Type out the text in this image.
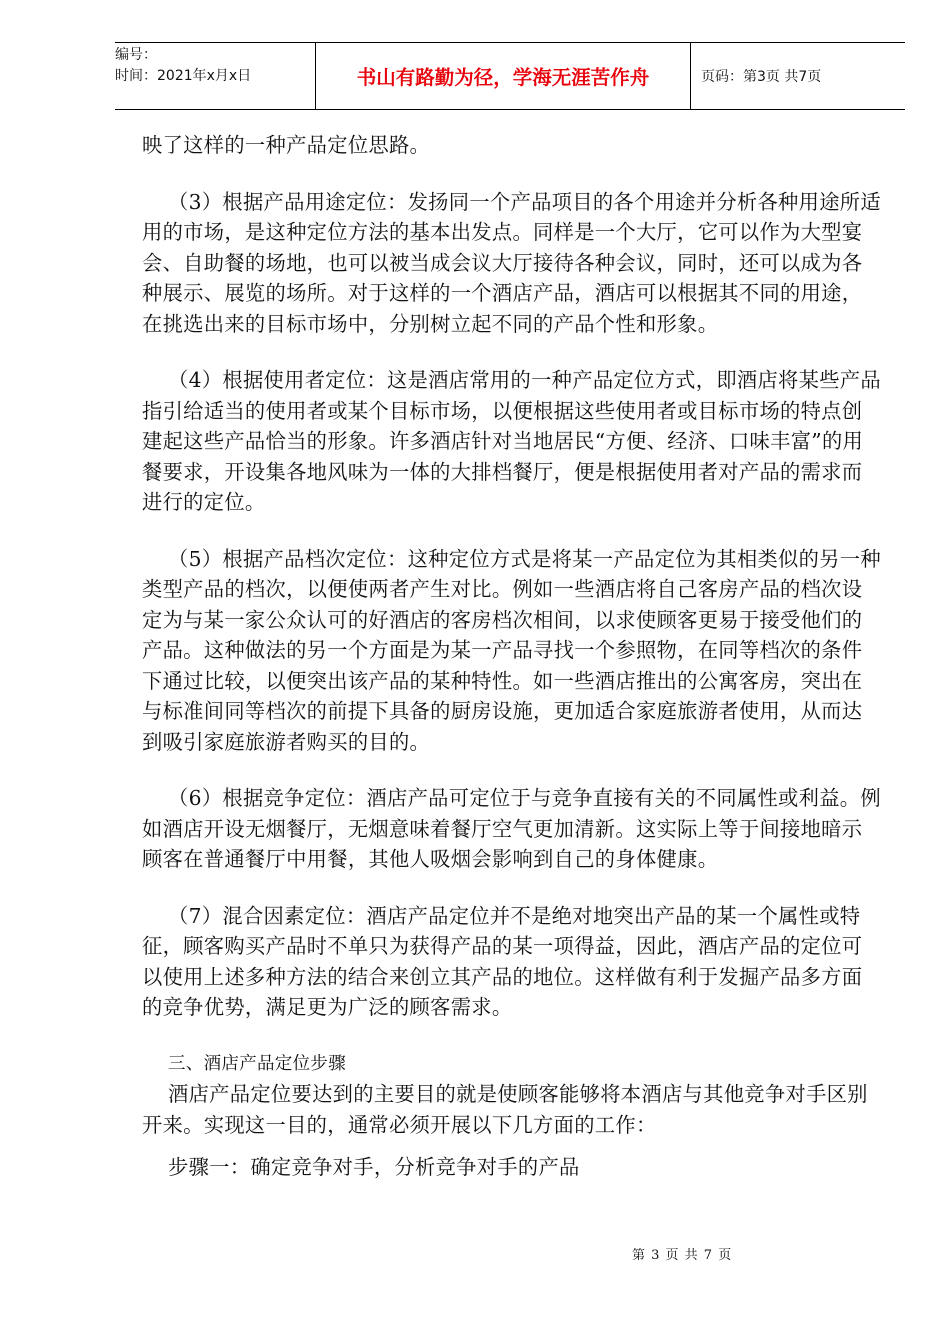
编号：
时间：2021年x月x日	书山有路勤为径，学海无涯苦作舟	页码：第3页 共7页

映了这样的一种产品定位思路。

（3）根据产品用途定位：发扬同一个产品项目的各个用途并分析各种用途所适用的市场，是这种定位方法的基本出发点。同样是一个大厅，它可以作为大型宴会、自助餐的场地，也可以被当成会议大厅接待各种会议，同时，还可以成为各种展示、展览的场所。对于这样的一个酒店产品，酒店可以根据其不同的用途，在挑选出来的目标市场中，分别树立起不同的产品个性和形象。

（4）根据使用者定位：这是酒店常用的一种产品定位方式，即酒店将某些产品指引给适当的使用者或某个目标市场，以便根据这些使用者或目标市场的特点创建起这些产品恰当的形象。许多酒店针对当地居民“方便、经济、口味丰富”的用餐要求，开设集各地风味为一体的大排档餐厅，便是根据使用者对产品的需求而进行的定位。

（5）根据产品档次定位：这种定位方式是将某一产品定位为其相类似的另一种类型产品的档次，以便使两者产生对比。例如一些酒店将自己客房产品的档次设定为与某一家公众认可的好酒店的客房档次相间，以求使顾客更易于接受他们的产品。这种做法的另一个方面是为某一产品寻找一个参照物，在同等档次的条件下通过比较，以便突出该产品的某种特性。如一些酒店推出的公寓客房，突出在与标准间同等档次的前提下具备的厨房设施，更加适合家庭旅游者使用，从而达到吸引家庭旅游者购买的目的。

（6）根据竞争定位：酒店产品可定位于与竞争直接有关的不同属性或利益。例如酒店开设无烟餐厅，无烟意味着餐厅空气更加清新。这实际上等于间接地暗示顾客在普通餐厅中用餐，其他人吸烟会影响到自己的身体健康。

（7）混合因素定位：酒店产品定位并不是绝对地突出产品的某一个属性或特征，顾客购买产品时不单只为获得产品的某一项得益，因此，酒店产品的定位可以使用上述多种方法的结合来创立其产品的地位。这样做有利于发掘产品多方面的竞争优势，满足更为广泛的顾客需求。

三、酒店产品定位步骤

酒店产品定位要达到的主要目的就是使顾客能够将本酒店与其他竞争对手区别开来。实现这一目的，通常必须开展以下几方面的工作：

步骤一：确定竞争对手，分析竞争对手的产品

第 3 页 共 7 页
